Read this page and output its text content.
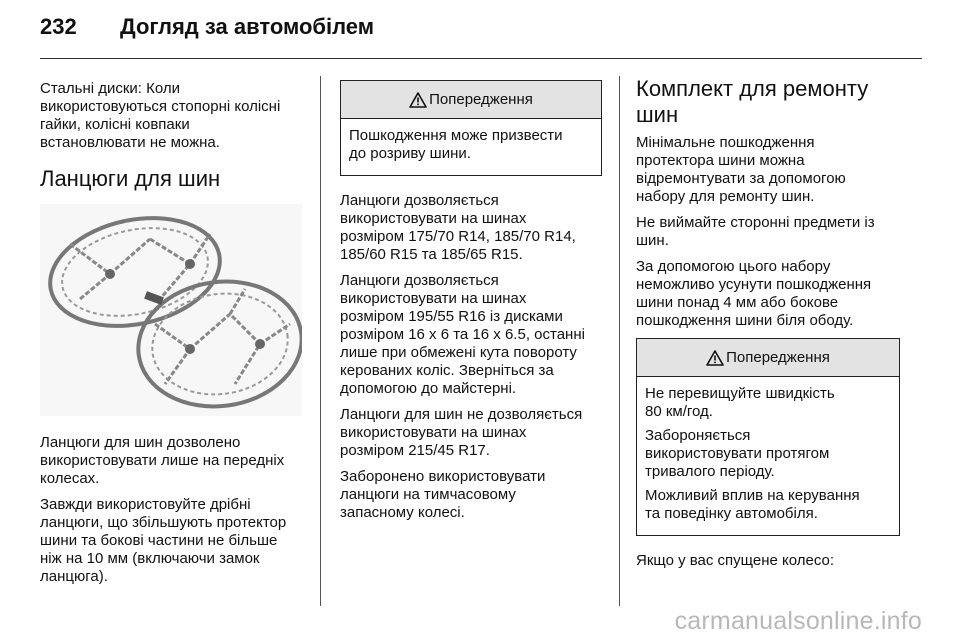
232	Догляд за автомобілем

Стальні диски: Коли
використовуються стопорні колісні
гайки, колісні ковпаки
встановлювати не можна.

Ланцюги для шин

Ланцюги для шин дозволено
використовувати лише на передніх
колесах.

Завжди використовуйте дрібні
ланцюги, що збільшують протектор
шини та бокові частини не більше
ніж на 10 мм (включаючи замок
ланцюга).

Попередження

Пошкодження може призвести
до розриву шини.

Ланцюги дозволяється
використовувати на шинах
розміром 175/70 R14, 185/70 R14,
185/60 R15 та 185/65 R15.

Ланцюги дозволяється
використовувати на шинах
розміром 195/55 R16 із дисками
розміром 16 x 6 та 16 x 6.5, останні
лише при обмежені кута повороту
керованих коліс. Зверніться за
допомогою до майстерні.

Ланцюги для шин не дозволяється
використовувати на шинах
розміром 215/45 R17.

Заборонено використовувати
ланцюги на тимчасовому
запасному колесі.

Комплект для ремонту
шин

Мінімальне пошкодження
протектора шини можна
відремонтувати за допомогою
набору для ремонту шин.

Не виймайте сторонні предмети із
шин.

За допомогою цього набору
неможливо усунути пошкодження
шини понад 4 мм або бокове
пошкодження шини біля ободу.

Попередження

Не перевищуйте швидкість
80 км/год.

Забороняється
використовувати протягом
тривалого періоду.

Можливий вплив на керування
та поведінку автомобіля.

Якщо у вас спущене колесо:

carmanualsonline.info
